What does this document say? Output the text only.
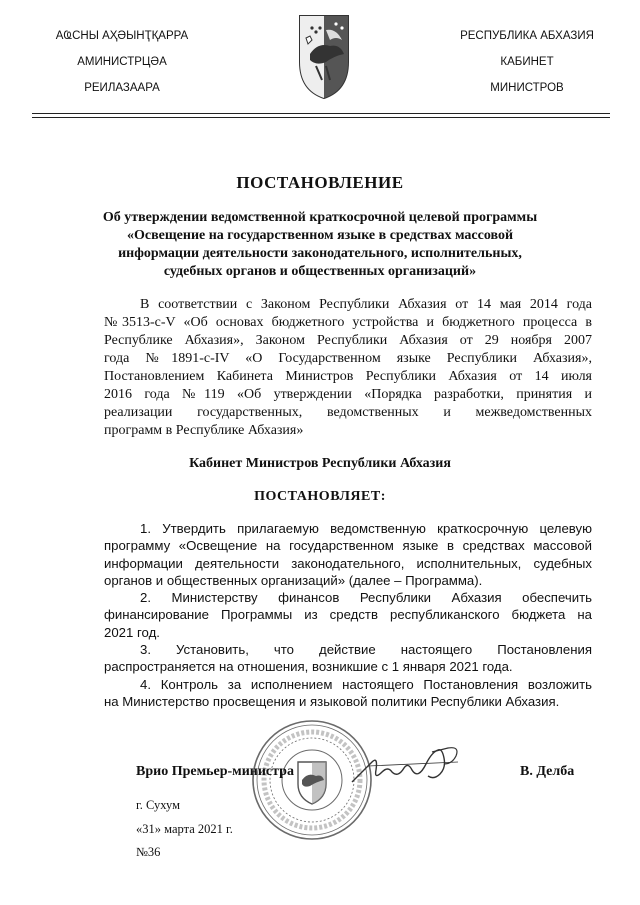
АҨСНЫ АҲӘЫНҬҚАРРА
АМИНИСТРЦӘА
РЕИЛАЗААРА
РЕСПУБЛИКА АБХАЗИЯ
КАБИНЕТ
МИНИСТРОВ
ПОСТАНОВЛЕНИЕ
Об утверждении ведомственной краткосрочной целевой программы
«Освещение на государственном языке в средствах массовой
информации деятельности законодательного, исполнительных,
судебных органов и общественных организаций»
В соответствии с Законом Республики Абхазия от 14 мая 2014 года
№3513-с-V «Об основах бюджетного устройства и бюджетного процесса в
Республике Абхазия», Законом Республики Абхазия от 29 ноября 2007
года №1891-с-IV «О Государственном языке Республики Абхазия»,
Постановлением Кабинета Министров Республики Абхазия от 14 июля
2016 года №119 «Об утверждении «Порядка разработки, принятия и
реализации государственных, ведомственных и межведомственных
программ в Республике Абхазия»
Кабинет Министров Республики Абхазия
ПОСТАНОВЛЯЕТ:
1. Утвердить прилагаемую ведомственную краткосрочную целевую
программу «Освещение на государственном языке в средствах массовой
информации деятельности законодательного, исполнительных, судебных
органов и общественных организаций» (далее – Программа).
2. Министерству финансов Республики Абхазия обеспечить
финансирование Программы из средств республиканского бюджета на
2021 год.
3. Установить, что действие настоящего Постановления
распространяется на отношения, возникшие с 1 января 2021 года.
4. Контроль за исполнением настоящего Постановления возложить
на Министерство просвещения и языковой политики Республики Абхазия.
Врио Премьер-министра	В. Делба
г. Сухум
«31» марта 2021 г.
№36
